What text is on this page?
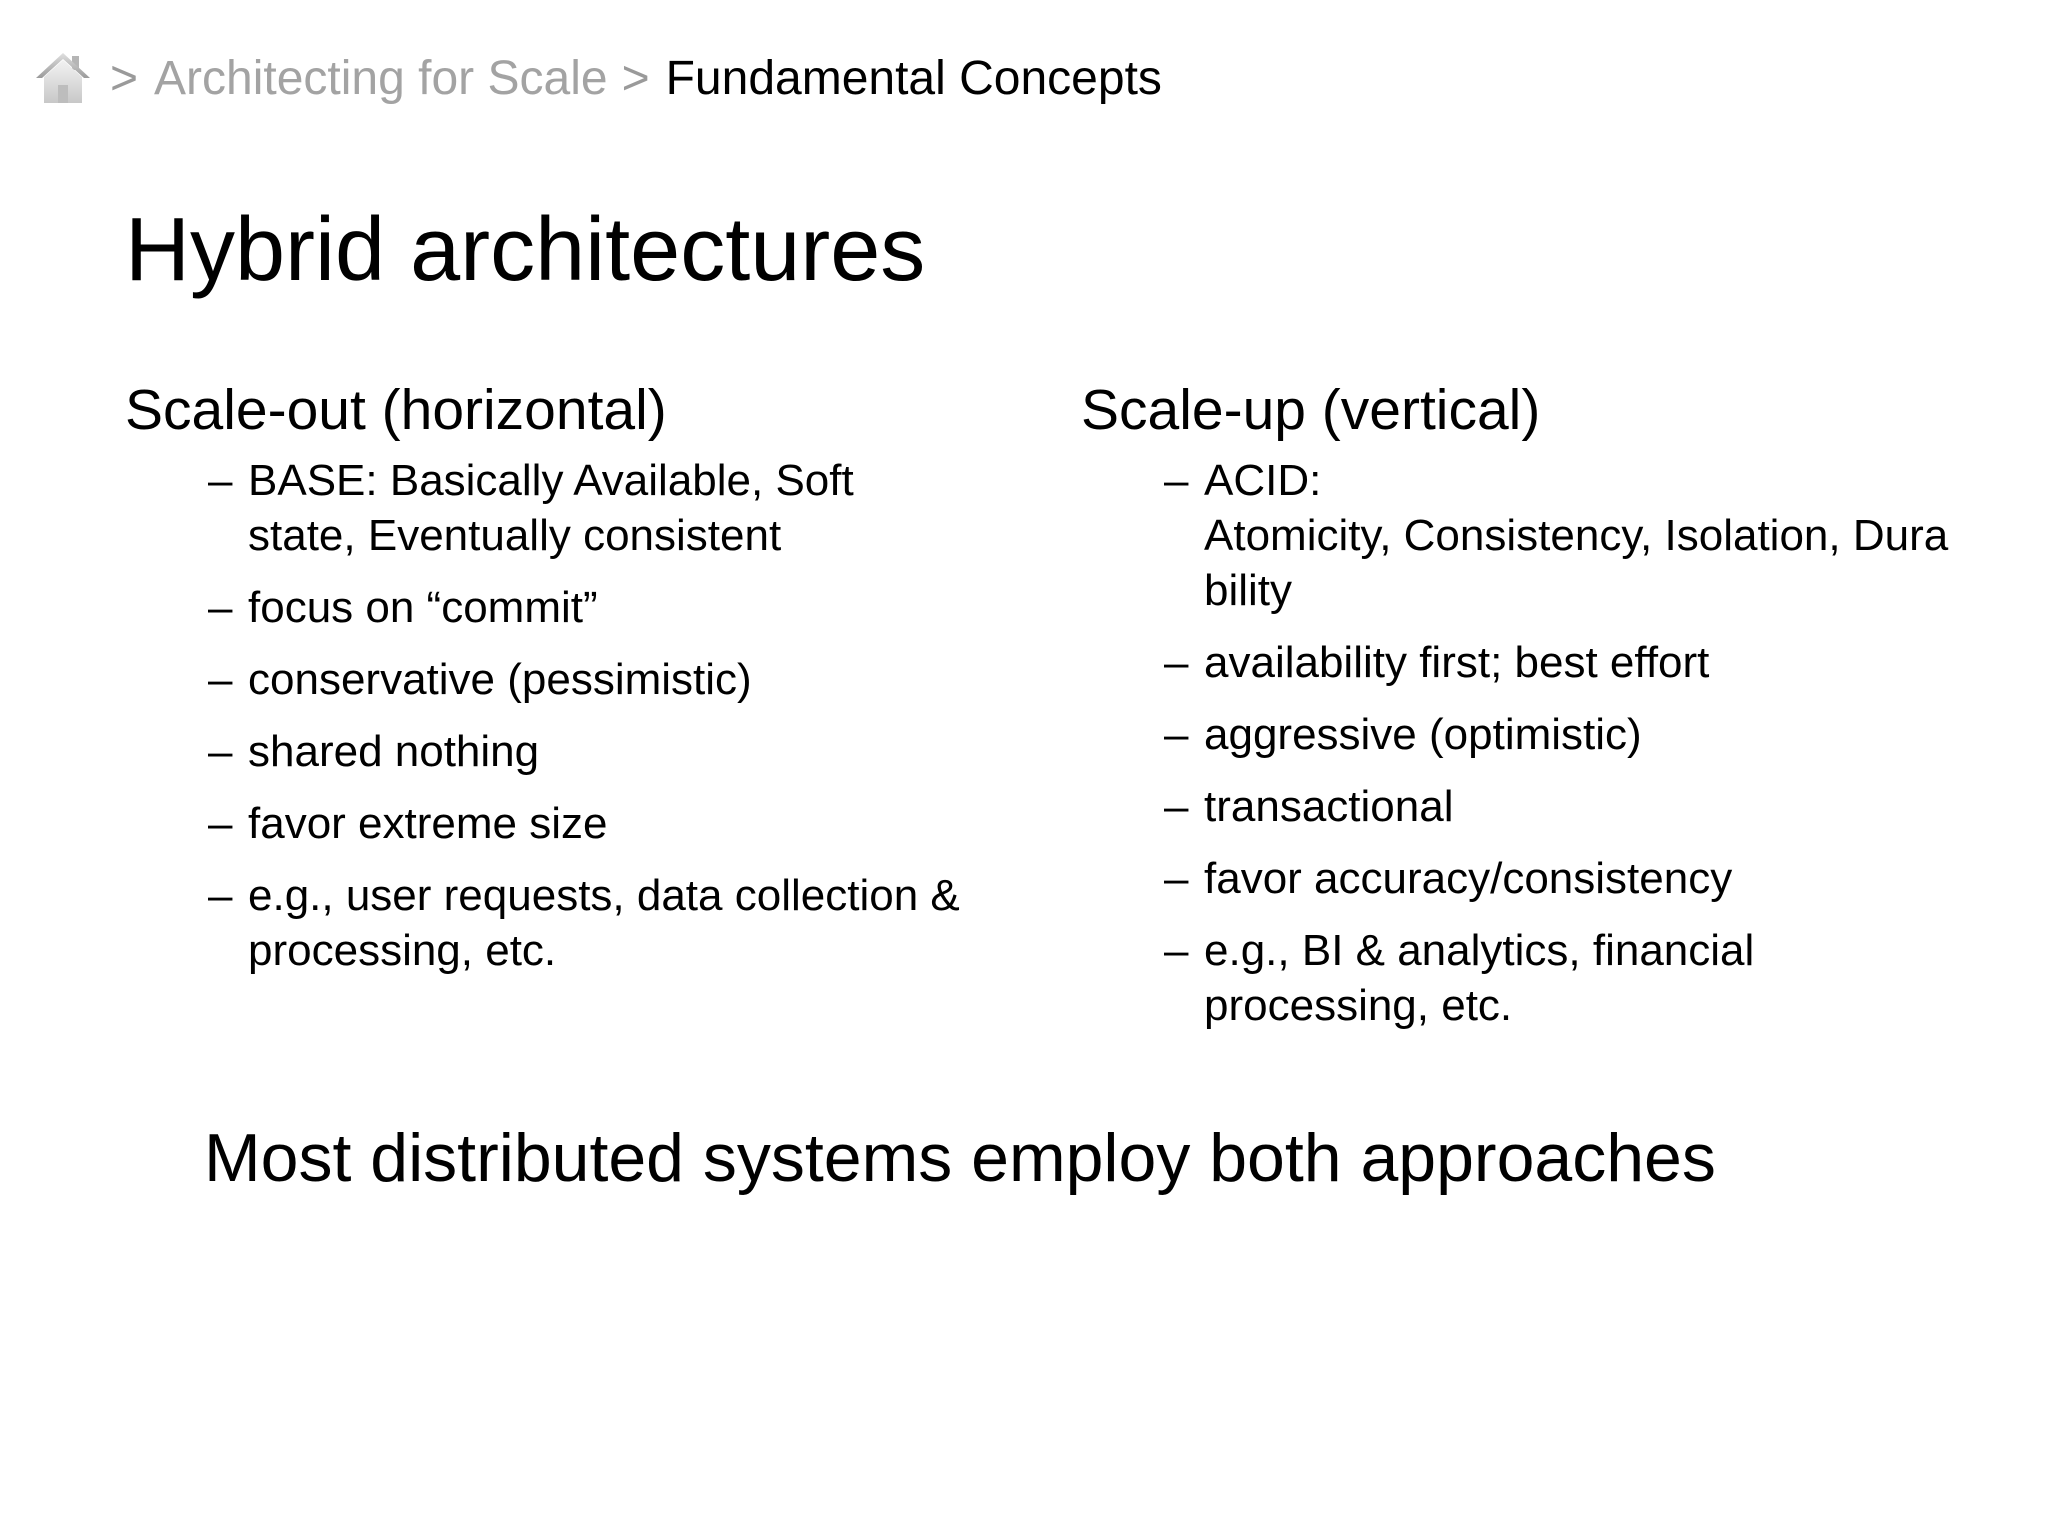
> Architecting for Scale > Fundamental Concepts
Hybrid architectures
Scale-out (horizontal)
– BASE: Basically Available, Soft
state, Eventually consistent
– focus on “commit”
– conservative (pessimistic)
– shared nothing
– favor extreme size
– e.g., user requests, data collection &
processing, etc.
Scale-up (vertical)
– ACID:
Atomicity, Consistency, Isolation, Dura
bility
– availability first; best effort
– aggressive (optimistic)
– transactional
– favor accuracy/consistency
– e.g., BI & analytics, financial
processing, etc.

Most distributed systems employ both approaches
